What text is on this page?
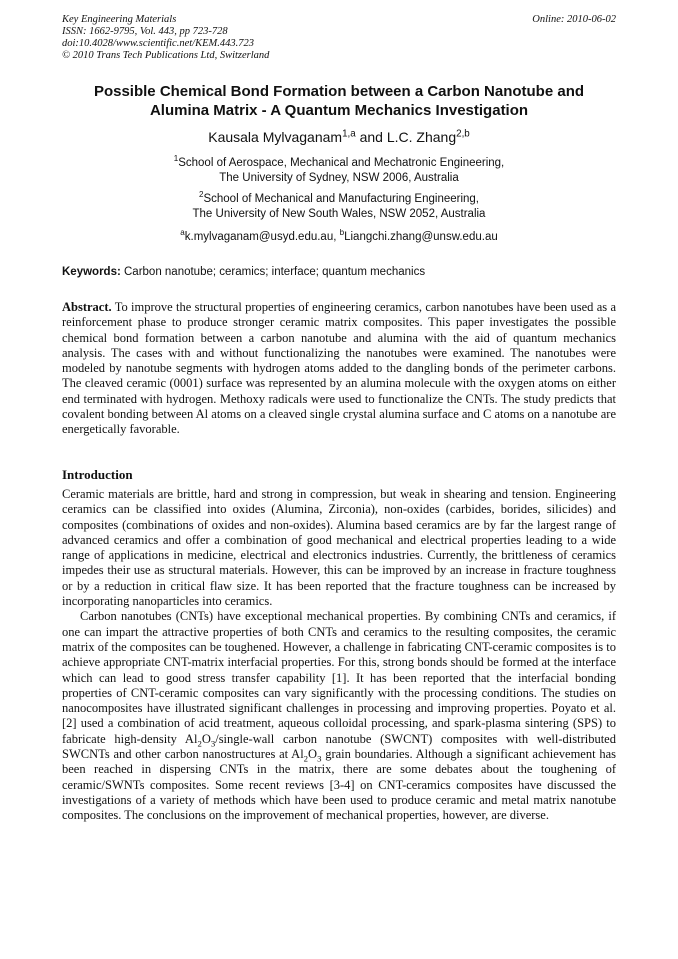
Key Engineering Materials
ISSN: 1662-9795, Vol. 443, pp 723-728
doi:10.4028/www.scientific.net/KEM.443.723
© 2010 Trans Tech Publications Ltd, Switzerland
Online: 2010-06-02
Possible Chemical Bond Formation between a Carbon Nanotube and
Alumina Matrix - A Quantum Mechanics Investigation
Kausala Mylvaganam$^{1,a}$ and L.C. Zhang$^{2,b}$
$^1$School of Aerospace, Mechanical and Mechatronic Engineering,
The University of Sydney, NSW 2006, Australia
$^2$School of Mechanical and Manufacturing Engineering,
The University of New South Wales, NSW 2052, Australia
$^a$k.mylvaganam@usyd.edu.au, $^b$Liangchi.zhang@unsw.edu.au
Keywords: Carbon nanotube; ceramics; interface; quantum mechanics
Abstract. To improve the structural properties of engineering ceramics, carbon nanotubes have been used as a reinforcement phase to produce stronger ceramic matrix composites. This paper investigates the possible chemical bond formation between a carbon nanotube and alumina with the aid of quantum mechanics analysis. The cases with and without functionalizing the nanotubes were examined. The nanotubes were modeled by nanotube segments with hydrogen atoms added to the dangling bonds of the perimeter carbons. The cleaved ceramic (0001) surface was represented by an alumina molecule with the oxygen atoms on either end terminated with hydrogen. Methoxy radicals were used to functionalize the CNTs. The study predicts that covalent bonding between Al atoms on a cleaved single crystal alumina surface and C atoms on a nanotube are energetically favorable.
Introduction

Ceramic materials are brittle, hard and strong in compression, but weak in shearing and tension. Engineering ceramics can be classified into oxides (Alumina, Zirconia), non-oxides (carbides, borides, silicides) and composites (combinations of oxides and non-oxides). Alumina based ceramics are by far the largest range of advanced ceramics and offer a combination of good mechanical and electrical properties leading to a wide range of applications in medicine, electrical and electronics industries. Currently, the brittleness of ceramics impedes their use as structural materials. However, this can be improved by an increase in fracture toughness or by a reduction in critical flaw size. It has been reported that the fracture toughness can be increased by incorporating nanoparticles into ceramics.

Carbon nanotubes (CNTs) have exceptional mechanical properties. By combining CNTs and ceramics, if one can impart the attractive properties of both CNTs and ceramics to the resulting composites, the ceramic matrix of the composites can be toughened. However, a challenge in fabricating CNT-ceramic composites is to achieve appropriate CNT-matrix interfacial properties. For this, strong bonds should be formed at the interface which can lead to good stress transfer capability [1]. It has been reported that the interfacial bonding properties of CNT-ceramic composites can vary significantly with the processing conditions. The studies on nanocomposites have illustrated significant challenges in processing and improving properties. Poyato et al. [2] used a combination of acid treatment, aqueous colloidal processing, and spark-plasma sintering (SPS) to fabricate high-density $Al_2O_3/single$-wall carbon nanotube (SWCNT) composites with well-distributed SWCNTs and other carbon nanostructures at $Al_2O_3$ grain boundaries. Although a significant achievement has been reached in dispersing CNTs in the matrix, there are some debates about the toughening of ceramic/SWNTs composites. Some recent reviews [3-4] on CNT-ceramics composites have discussed the investigations of a variety of methods which have been used to produce ceramic and metal matrix nanotube composites. The conclusions on the improvement of mechanical properties, however, are diverse.
